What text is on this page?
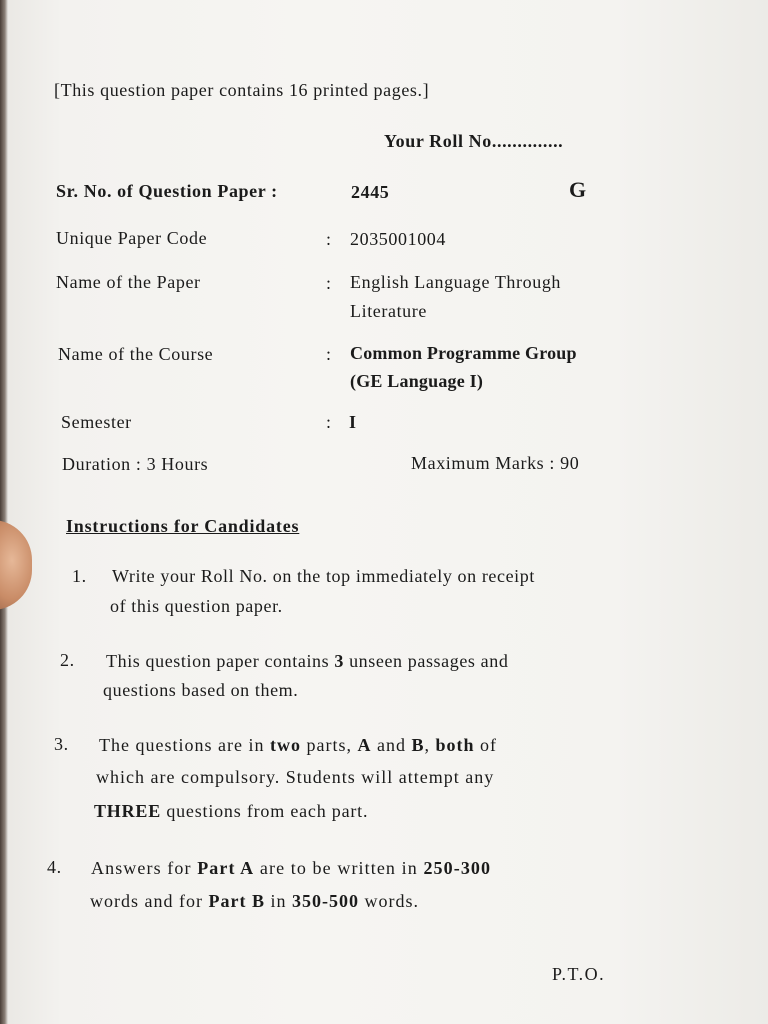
[This question paper contains 16 printed pages.]
Your Roll No..............
Sr. No. of Question Paper :	2445	G
Unique Paper Code	: 2035001004
Name of the Paper	: English Language Through
Literature
Name of the Course	: Common Programme Group
(GE Language I)
Semester	: I
Duration : 3 Hours	Maximum Marks : 90
Instructions for Candidates
1. Write your Roll No. on the top immediately on receipt
of this question paper.
2. This question paper contains 3 unseen passages and
questions based on them.
3. The questions are in two parts, A and B, both of
which are compulsory. Students will attempt any
THREE questions from each part.
4. Answers for Part A are to be written in 250-300
words and for Part B in 350-500 words.
P.T.O.
